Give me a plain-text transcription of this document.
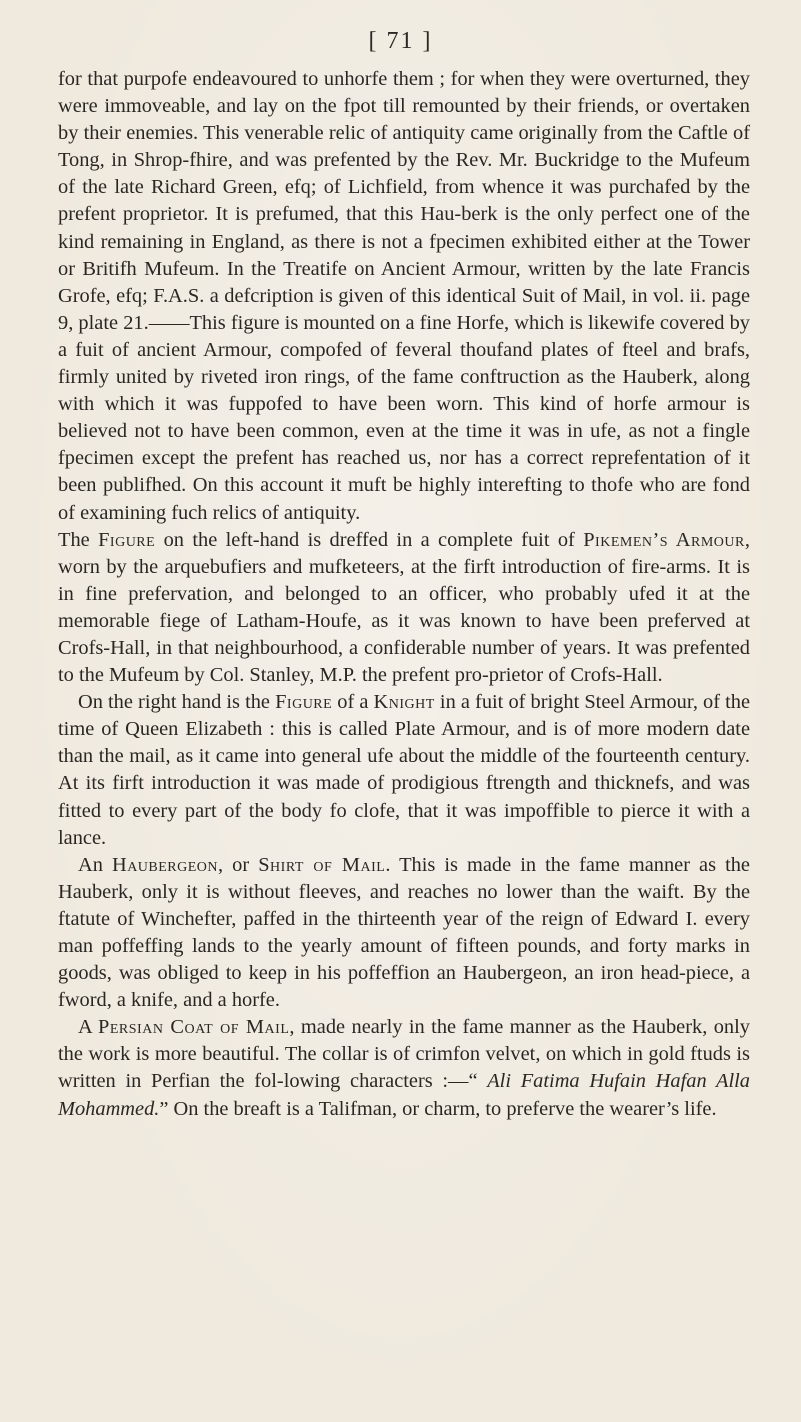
[ 71 ]

for that purpofe endeavoured to unhorfe them ; for when they were overturned, they were immoveable, and lay on the fpot till remounted by their friends, or overtaken by their enemies. This venerable relic of antiquity came originally from the Caftle of Tong, in Shrop-fhire, and was prefented by the Rev. Mr. Buckridge to the Mufeum of the late Richard Green, efq; of Lichfield, from whence it was purchafed by the prefent proprietor. It is prefumed, that this Hau-berk is the only perfect one of the kind remaining in England, as there is not a fpecimen exhibited either at the Tower or Britifh Mufeum. In the Treatife on Ancient Armour, written by the late Francis Grofe, efq; F.A.S. a defcription is given of this identical Suit of Mail, in vol. ii. page 9, plate 21.——This figure is mounted on a fine Horfe, which is likewife covered by a fuit of ancient Armour, compofed of feveral thoufand plates of fteel and brafs, firmly united by riveted iron rings, of the fame conftruction as the Hauberk, along with which it was fuppofed to have been worn. This kind of horfe armour is believed not to have been common, even at the time it was in ufe, as not a fingle fpecimen except the prefent has reached us, nor has a correct reprefentation of it been publifhed. On this account it muft be highly interefting to thofe who are fond of examining fuch relics of antiquity.

The Figure on the left-hand is dreffed in a complete fuit of Pikemen’s Armour, worn by the arquebufiers and mufketeers, at the firft introduction of fire-arms. It is in fine prefervation, and belonged to an officer, who probably ufed it at the memorable fiege of Latham-Houfe, as it was known to have been preferved at Crofs-Hall, in that neighbourhood, a confiderable number of years. It was prefented to the Mufeum by Col. Stanley, M.P. the prefent pro-prietor of Crofs-Hall.

On the right hand is the Figure of a Knight in a fuit of bright Steel Armour, of the time of Queen Elizabeth : this is called Plate Armour, and is of more modern date than the mail, as it came into general ufe about the middle of the fourteenth century. At its firft introduction it was made of prodigious ftrength and thicknefs, and was fitted to every part of the body fo clofe, that it was impoffible to pierce it with a lance.

An Haubergeon, or Shirt of Mail. This is made in the fame manner as the Hauberk, only it is without fleeves, and reaches no lower than the waift. By the ftatute of Winchefter, paffed in the thirteenth year of the reign of Edward I. every man poffeffing lands to the yearly amount of fifteen pounds, and forty marks in goods, was obliged to keep in his poffeffion an Haubergeon, an iron head-piece, a fword, a knife, and a horfe.

A Persian Coat of Mail, made nearly in the fame manner as the Hauberk, only the work is more beautiful. The collar is of crimfon velvet, on which in gold ftuds is written in Perfian the fol-lowing characters :—“ Ali Fatima Hufain Hafan Alla Mohammed.” On the breaft is a Talifman, or charm, to preferve the wearer’s life.
